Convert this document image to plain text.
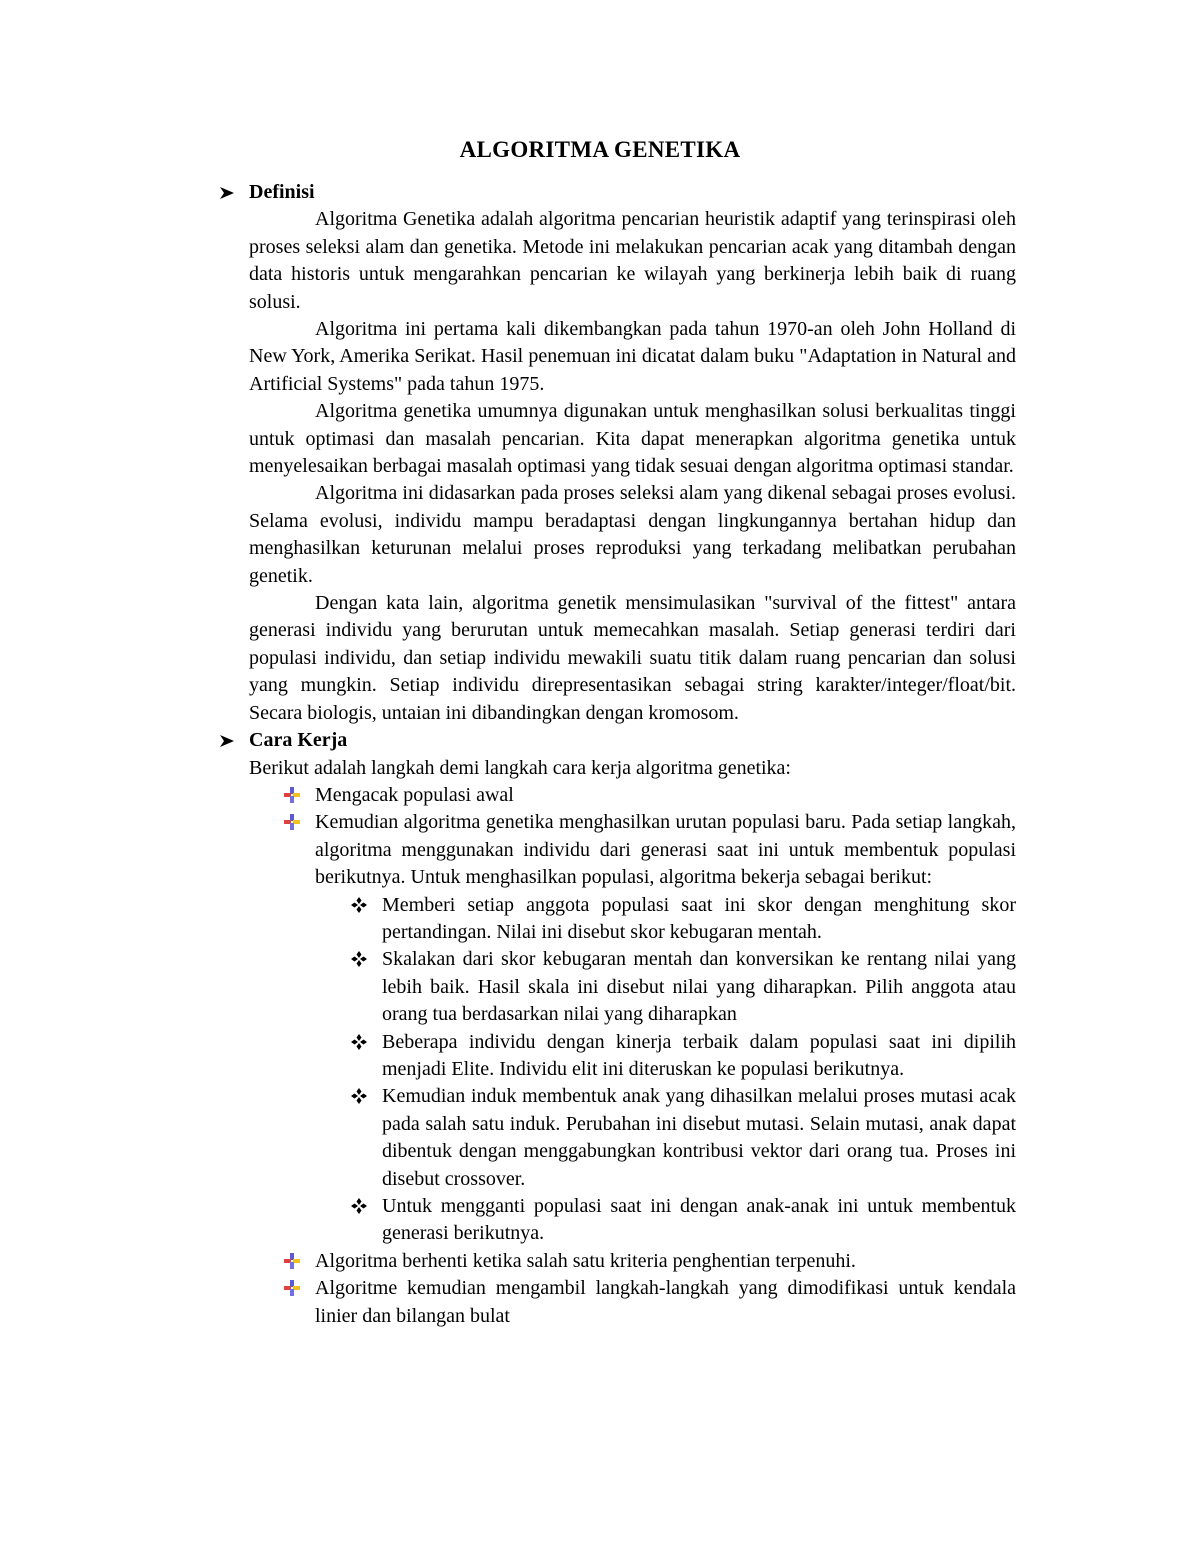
ALGORITMA GENETIKA
Definisi

Algoritma Genetika adalah algoritma pencarian heuristik adaptif yang terinspirasi oleh proses seleksi alam dan genetika. Metode ini melakukan pencarian acak yang ditambah dengan data historis untuk mengarahkan pencarian ke wilayah yang berkinerja lebih baik di ruang solusi.

Algoritma ini pertama kali dikembangkan pada tahun 1970-an oleh John Holland di New York, Amerika Serikat. Hasil penemuan ini dicatat dalam buku "Adaptation in Natural and Artificial Systems" pada tahun 1975.

Algoritma genetika umumnya digunakan untuk menghasilkan solusi berkualitas tinggi untuk optimasi dan masalah pencarian. Kita dapat menerapkan algoritma genetika untuk menyelesaikan berbagai masalah optimasi yang tidak sesuai dengan algoritma optimasi standar.

Algoritma ini didasarkan pada proses seleksi alam yang dikenal sebagai proses evolusi. Selama evolusi, individu mampu beradaptasi dengan lingkungannya bertahan hidup dan menghasilkan keturunan melalui proses reproduksi yang terkadang melibatkan perubahan genetik.

Dengan kata lain, algoritma genetik mensimulasikan "survival of the fittest" antara generasi individu yang berurutan untuk memecahkan masalah. Setiap generasi terdiri dari populasi individu, dan setiap individu mewakili suatu titik dalam ruang pencarian dan solusi yang mungkin. Setiap individu direpresentasikan sebagai string karakter/integer/float/bit. Secara biologis, untaian ini dibandingkan dengan kromosom.

Cara Kerja
Berikut adalah langkah demi langkah cara kerja algoritma genetika:
Mengacak populasi awal
Kemudian algoritma genetika menghasilkan urutan populasi baru. Pada setiap langkah, algoritma menggunakan individu dari generasi saat ini untuk membentuk populasi berikutnya. Untuk menghasilkan populasi, algoritma bekerja sebagai berikut:
Memberi setiap anggota populasi saat ini skor dengan menghitung skor pertandingan. Nilai ini disebut skor kebugaran mentah.
Skalakan dari skor kebugaran mentah dan konversikan ke rentang nilai yang lebih baik. Hasil skala ini disebut nilai yang diharapkan. Pilih anggota atau orang tua berdasarkan nilai yang diharapkan
Beberapa individu dengan kinerja terbaik dalam populasi saat ini dipilih menjadi Elite. Individu elit ini diteruskan ke populasi berikutnya.
Kemudian induk membentuk anak yang dihasilkan melalui proses mutasi acak pada salah satu induk. Perubahan ini disebut mutasi. Selain mutasi, anak dapat dibentuk dengan menggabungkan kontribusi vektor dari orang tua. Proses ini disebut crossover.
Untuk mengganti populasi saat ini dengan anak-anak ini untuk membentuk generasi berikutnya.
Algoritma berhenti ketika salah satu kriteria penghentian terpenuhi.
Algoritme kemudian mengambil langkah-langkah yang dimodifikasi untuk kendala linier dan bilangan bulat
